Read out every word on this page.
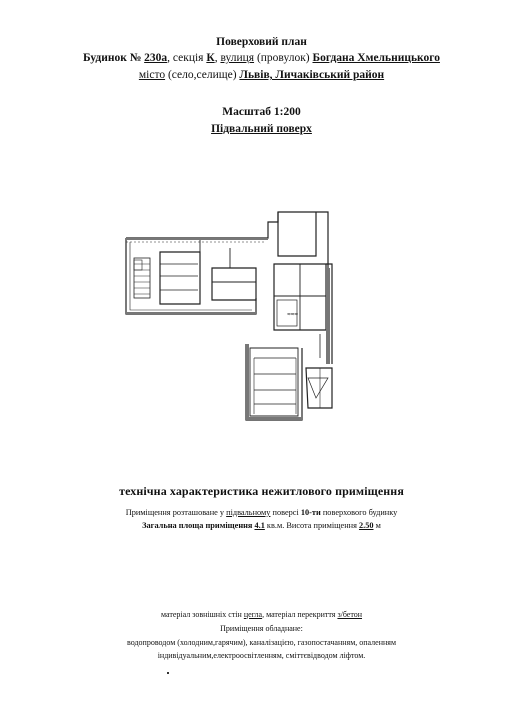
Поверховий план
Будинок № 230а, секція К, вулиця (провулок) Богдана Хмельницького
місто (село,селище) Львів, Личаківський район
Масштаб 1:200
Підвальний поверх
≈≈≈
технічна характеристика нежитлового приміщення
Приміщення розташоване у підвальному поверсі 10-ти поверхового будинку
Загальна площа приміщення 4.1 кв.м. Висота приміщення 2.50 м
матеріал зовнішніх стін цегла, матеріал перекриття з/бетон
Приміщення обладнане:
водопроводом (холодним,гарячим), каналізацією, газопостачанням, опаленням
індивідуальним,електроосвітленням, сміттєвідводом ліфтом.
